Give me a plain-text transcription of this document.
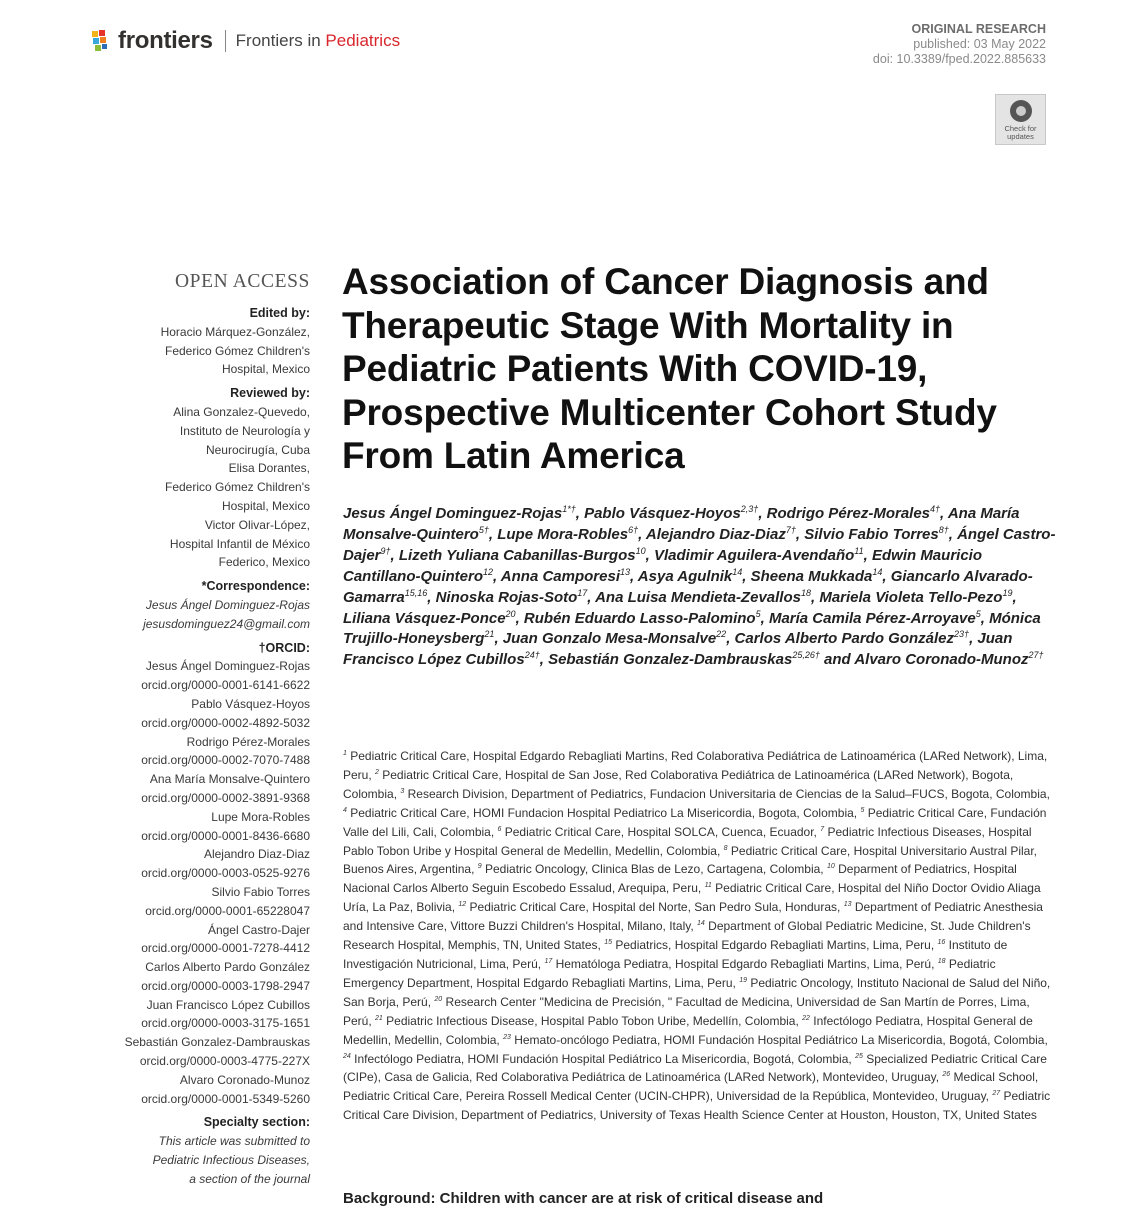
frontiers Frontiers in Pediatrics
ORIGINAL RESEARCH
published: 03 May 2022
doi: 10.3389/fped.2022.885633
Check for updates
OPEN ACCESS
Edited by:
Horacio Márquez-González,
Federico Gómez Children's
Hospital, Mexico
Reviewed by:
Alina Gonzalez-Quevedo,
Instituto de Neurología y
Neurocirugía, Cuba
Elisa Dorantes,
Federico Gómez Children's
Hospital, Mexico
Victor Olivar-López,
Hospital Infantil de México
Federico, Mexico
*Correspondence:
Jesus Ángel Dominguez-Rojas
jesusdominguez24@gmail.com
†ORCID:
Jesus Ángel Dominguez-Rojas
orcid.org/0000-0001-6141-6622
Pablo Vásquez-Hoyos
orcid.org/0000-0002-4892-5032
Rodrigo Pérez-Morales
orcid.org/0000-0002-7070-7488
Ana María Monsalve-Quintero
orcid.org/0000-0002-3891-9368
Lupe Mora-Robles
orcid.org/0000-0001-8436-6680
Alejandro Diaz-Diaz
orcid.org/0000-0003-0525-9276
Silvio Fabio Torres
orcid.org/0000-0001-65228047
Ángel Castro-Dajer
orcid.org/0000-0001-7278-4412
Carlos Alberto Pardo González
orcid.org/0000-0003-1798-2947
Juan Francisco López Cubillos
orcid.org/0000-0003-3175-1651
Sebastián Gonzalez-Dambrauskas
orcid.org/0000-0003-4775-227X
Alvaro Coronado-Munoz
orcid.org/0000-0001-5349-5260
Specialty section:
This article was submitted to
Pediatric Infectious Diseases,
a section of the journal
Association of Cancer Diagnosis and Therapeutic Stage With Mortality in Pediatric Patients With COVID-19, Prospective Multicenter Cohort Study From Latin America
Jesus Ángel Dominguez-Rojas$^{1*\dagger}$, Pablo Vásquez-Hoyos$^{2,3\dagger}$, Rodrigo Pérez-Morales$^{4\dagger}$, Ana María Monsalve-Quintero$^{5\dagger}$, Lupe Mora-Robles$^{6\dagger}$, Alejandro Diaz-Diaz$^{7\dagger}$, Silvio Fabio Torres$^{8\dagger}$, Ángel Castro-Dajer$^{9\dagger}$, Lizeth Yuliana Cabanillas-Burgos$^{10}$, Vladimir Aguilera-Avendaño$^{11}$, Edwin Mauricio Cantillano-Quintero$^{12}$, Anna Camporesi$^{13}$, Asya Agulnik$^{14}$, Sheena Mukkada$^{14}$, Giancarlo Alvarado-Gamarra$^{15,16}$, Ninoska Rojas-Soto$^{17}$, Ana Luisa Mendieta-Zevallos$^{18}$, Mariela Violeta Tello-Pezo$^{19}$, Liliana Vásquez-Ponce$^{20}$, Rubén Eduardo Lasso-Palomino$^5$, María Camila Pérez-Arroyave$^5$, Mónica Trujillo-Honeysberg$^{21}$, Juan Gonzalo Mesa-Monsalve$^{22}$, Carlos Alberto Pardo González$^{23\dagger}$, Juan Francisco López Cubillos$^{24\dagger}$, Sebastián Gonzalez-Dambrauskas$^{25,26\dagger}$ and Alvaro Coronado-Munoz$^{27\dagger}$
$^1$ Pediatric Critical Care, Hospital Edgardo Rebagliati Martins, Red Colaborativa Pediátrica de Latinoamérica (LARed Network), Lima, Peru, $^2$ Pediatric Critical Care, Hospital de San Jose, Red Colaborativa Pediátrica de Latinoamérica (LARed Network), Bogota, Colombia, $^3$ Research Division, Department of Pediatrics, Fundacion Universitaria de Ciencias de la Salud–FUCS, Bogota, Colombia, $^4$ Pediatric Critical Care, HOMI Fundacion Hospital Pediatrico La Misericordia, Bogota, Colombia, $^5$ Pediatric Critical Care, Fundación Valle del Lili, Cali, Colombia, $^6$ Pediatric Critical Care, Hospital SOLCA, Cuenca, Ecuador, $^7$ Pediatric Infectious Diseases, Hospital Pablo Tobon Uribe y Hospital General de Medellin, Medellin, Colombia, $^8$ Pediatric Critical Care, Hospital Universitario Austral Pilar, Buenos Aires, Argentina, $^9$ Pediatric Oncology, Clinica Blas de Lezo, Cartagena, Colombia, $^{10}$ Deparment of Pediatrics, Hospital Nacional Carlos Alberto Seguin Escobedo Essalud, Arequipa, Peru, $^{11}$ Pediatric Critical Care, Hospital del Niño Doctor Ovidio Aliaga Uría, La Paz, Bolivia, $^{12}$ Pediatric Critical Care, Hospital del Norte, San Pedro Sula, Honduras, $^{13}$ Department of Pediatric Anesthesia and Intensive Care, Vittore Buzzi Children's Hospital, Milano, Italy, $^{14}$ Department of Global Pediatric Medicine, St. Jude Children's Research Hospital, Memphis, TN, United States, $^{15}$ Pediatrics, Hospital Edgardo Rebagliati Martins, Lima, Peru, $^{16}$ Instituto de Investigación Nutricional, Lima, Perú, $^{17}$ Hematóloga Pediatra, Hospital Edgardo Rebagliati Martins, Lima, Perú, $^{18}$ Pediatric Emergency Department, Hospital Edgardo Rebagliati Martins, Lima, Peru, $^{19}$ Pediatric Oncology, Instituto Nacional de Salud del Niño, San Borja, Perú, $^{20}$ Research Center "Medicina de Precisión, " Facultad de Medicina, Universidad de San Martín de Porres, Lima, Perú, $^{21}$ Pediatric Infectious Disease, Hospital Pablo Tobon Uribe, Medellín, Colombia, $^{22}$ Infectólogo Pediatra, Hospital General de Medellin, Medellin, Colombia, $^{23}$ Hemato-oncólogo Pediatra, HOMI Fundación Hospital Pediátrico La Misericordia, Bogotá, Colombia, $^{24}$ Infectólogo Pediatra, HOMI Fundación Hospital Pediátrico La Misericordia, Bogotá, Colombia, $^{25}$ Specialized Pediatric Critical Care (CIPe), Casa de Galicia, Red Colaborativa Pediátrica de Latinoamérica (LARed Network), Montevideo, Uruguay, $^{26}$ Medical School, Pediatric Critical Care, Pereira Rossell Medical Center (UCIN-CHPR), Universidad de la República, Montevideo, Uruguay, $^{27}$ Pediatric Critical Care Division, Department of Pediatrics, University of Texas Health Science Center at Houston, Houston, TX, United States
Background: Children with cancer are at risk of critical disease and
